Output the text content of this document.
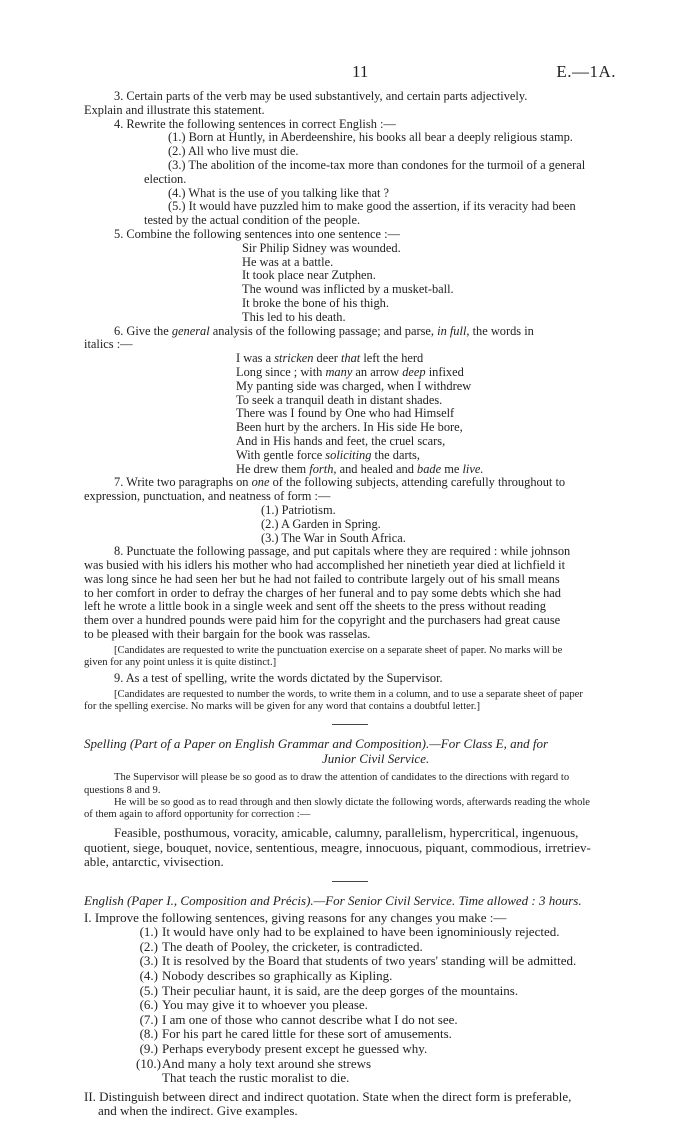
11	E.—1A.

3. Certain parts of the verb may be used substantively, and certain parts adjectively.

Explain and illustrate this statement.

4. Rewrite the following sentences in correct English :—

(1.) Born at Huntly, in Aberdeenshire, his books all bear a deeply religious stamp.

(2.) All who live must die.

(3.) The abolition of the income-tax more than condones for the turmoil of a general

election.

(4.) What is the use of you talking like that ?

(5.) It would have puzzled him to make good the assertion, if its veracity had been

tested by the actual condition of the people.

5. Combine the following sentences into one sentence :—

Sir Philip Sidney was wounded.

He was at a battle.

It took place near Zutphen.

The wound was inflicted by a musket-ball.

It broke the bone of his thigh.

This led to his death.

6. Give the general analysis of the following passage; and parse, in full, the words in

italics :—

I was a stricken deer that left the herd

Long since ; with many an arrow deep infixed

My panting side was charged, when I withdrew

To seek a tranquil death in distant shades.

There was I found by One who had Himself

Been hurt by the archers. In His side He bore,

And in His hands and feet, the cruel scars,

With gentle force soliciting the darts,

He drew them forth, and healed and bade me live.

7. Write two paragraphs on one of the following subjects, attending carefully throughout to

expression, punctuation, and neatness of form :—

(1.) Patriotism.

(2.) A Garden in Spring.

(3.) The War in South Africa.

8. Punctuate the following passage, and put capitals where they are required : while johnson

was busied with his idlers his mother who had accomplished her ninetieth year died at lichfield it

was long since he had seen her but he had not failed to contribute largely out of his small means

to her comfort in order to defray the charges of her funeral and to pay some debts which she had

left he wrote a little book in a single week and sent off the sheets to the press without reading

them over a hundred pounds were paid him for the copyright and the purchasers had great cause

to be pleased with their bargain for the book was rasselas.

[Candidates are requested to write the punctuation exercise on a separate sheet of paper. No marks will be

given for any point unless it is quite distinct.]

9. As a test of spelling, write the words dictated by the Supervisor.

[Candidates are requested to number the words, to write them in a column, and to use a separate sheet of paper

for the spelling exercise. No marks will be given for any word that contains a doubtful letter.]

Spelling (Part of a Paper on English Grammar and Composition).—For Class E, and for

Junior Civil Service.

The Supervisor will please be so good as to draw the attention of candidates to the directions with regard to

questions 8 and 9.

He will be so good as to read through and then slowly dictate the following words, afterwards reading the whole

of them again to afford opportunity for correction :—

Feasible, posthumous, voracity, amicable, calumny, parallelism, hypercritical, ingenuous,

quotient, siege, bouquet, novice, sententious, meagre, innocuous, piquant, commodious, irretriev-

able, antarctic, vivisection.

English (Paper I., Composition and Précis).—For Senior Civil Service. Time allowed : 3 hours.

I. Improve the following sentences, giving reasons for any changes you make :—

(1.) It would have only had to be explained to have been ignominiously rejected.

(2.) The death of Pooley, the cricketer, is contradicted.

(3.) It is resolved by the Board that students of two years' standing will be admitted.

(4.) Nobody describes so graphically as Kipling.

(5.) Their peculiar haunt, it is said, are the deep gorges of the mountains.

(6.) You may give it to whoever you please.

(7.) I am one of those who cannot describe what I do not see.

(8.) For his part he cared little for these sort of amusements.

(9.) Perhaps everybody present except he guessed why.

(10.)And many a holy text around she strews

That teach the rustic moralist to die.

II. Distinguish between direct and indirect quotation. State when the direct form is preferable,

and when the indirect. Give examples.
